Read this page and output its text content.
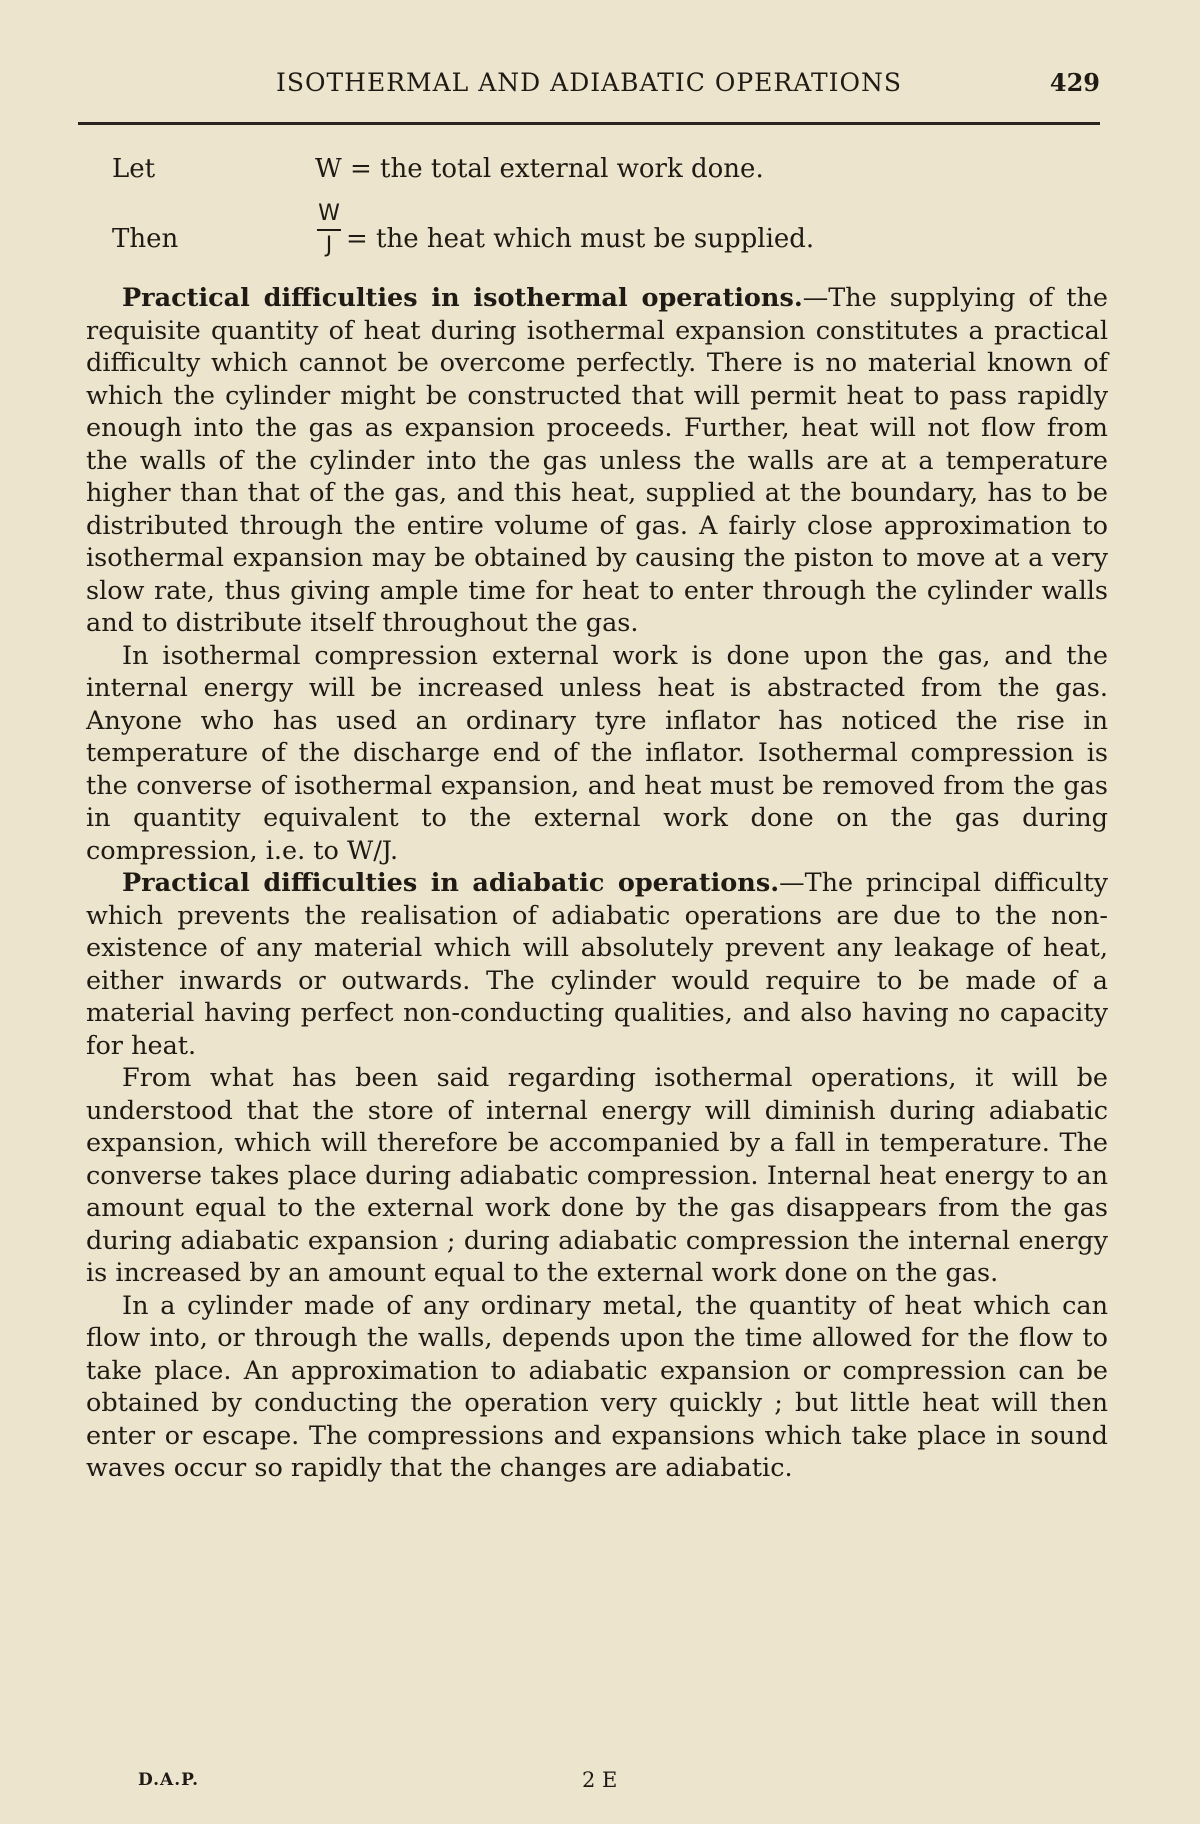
ISOTHERMAL AND ADIABATIC OPERATIONS	429
Let	W = the total external work done.
Then
W
J = the heat which must be supplied.

Practical difficulties in isothermal operations.—The supplying of the requisite quantity of heat during isothermal expansion constitutes a practical difficulty which cannot be overcome perfectly. There is no material known of which the cylinder might be constructed that will permit heat to pass rapidly enough into the gas as expansion proceeds. Further, heat will not flow from the walls of the cylinder into the gas unless the walls are at a temperature higher than that of the gas, and this heat, supplied at the boundary, has to be distributed through the entire volume of gas. A fairly close approximation to isothermal expansion may be obtained by causing the piston to move at a very slow rate, thus giving ample time for heat to enter through the cylinder walls and to distribute itself throughout the gas.

In isothermal compression external work is done upon the gas, and the internal energy will be increased unless heat is abstracted from the gas. Anyone who has used an ordinary tyre inflator has noticed the rise in temperature of the discharge end of the inflator. Isothermal compression is the converse of isothermal expansion, and heat must be removed from the gas in quantity equivalent to the external work done on the gas during compression, i.e. to W/J.

Practical difficulties in adiabatic operations.—The principal difficulty which prevents the realisation of adiabatic operations are due to the non-existence of any material which will absolutely prevent any leakage of heat, either inwards or outwards. The cylinder would require to be made of a material having perfect non-conducting qualities, and also having no capacity for heat.

From what has been said regarding isothermal operations, it will be understood that the store of internal energy will diminish during adiabatic expansion, which will therefore be accompanied by a fall in temperature. The converse takes place during adiabatic compression. Internal heat energy to an amount equal to the external work done by the gas disappears from the gas during adiabatic expansion ; during adiabatic compression the internal energy is increased by an amount equal to the external work done on the gas.

In a cylinder made of any ordinary metal, the quantity of heat which can flow into, or through the walls, depends upon the time allowed for the flow to take place. An approximation to adiabatic expansion or compression can be obtained by conducting the operation very quickly ; but little heat will then enter or escape. The compressions and expansions which take place in sound waves occur so rapidly that the changes are adiabatic.

D.A.P.	2 E
